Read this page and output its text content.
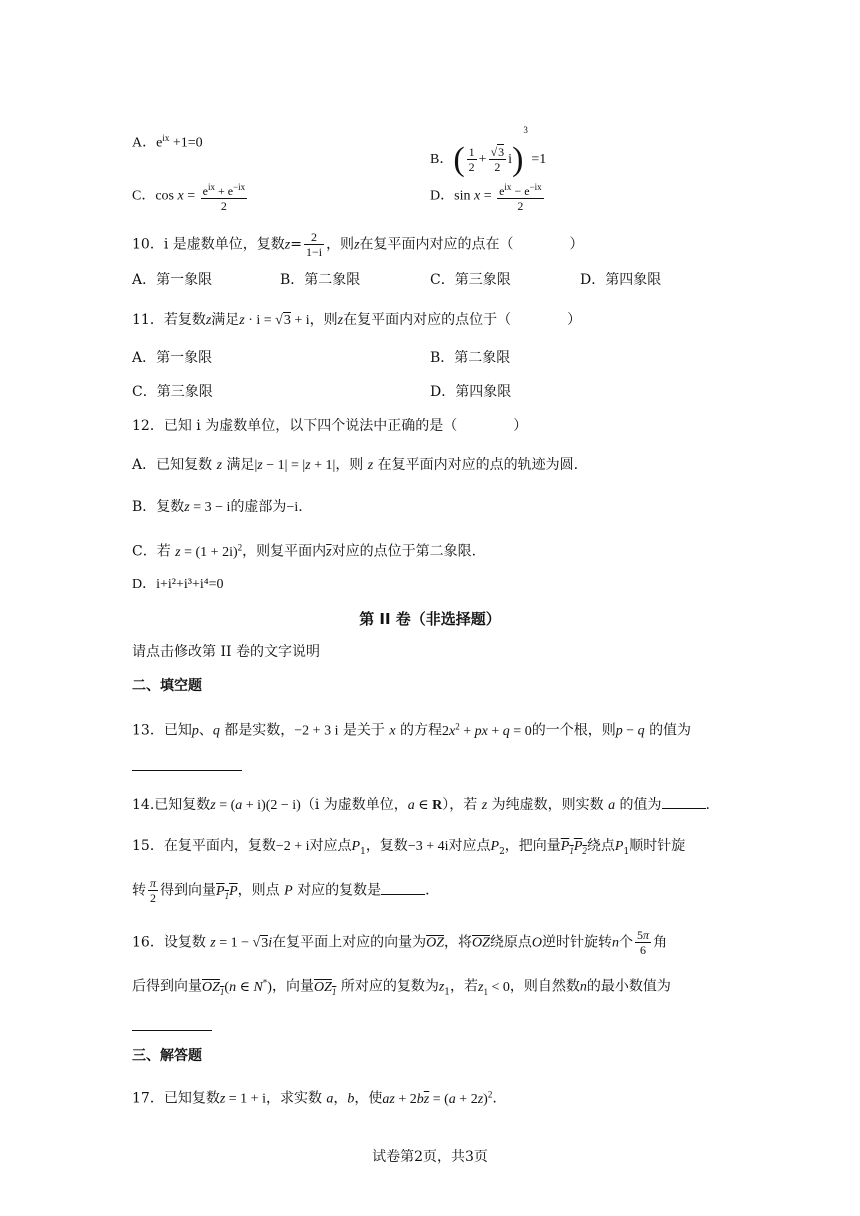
A．$e^{ix} +1=0$
B．( $\frac{1}{2} + \frac{√3}{2} i)^3 =1$
C．$\cos x = \frac{e^{ix} + e^{-ix}}{2}$	D．$\sin x = \frac{e^{ix} - e^{-ix}}{2}$
10．i 是虚数单位，复数$z= \frac{2}{1-i}$ ，则z在复平面内对应的点在（	）
A．第一象限	B．第二象限	C．第三象限	D．第四象限
11．若复数z满足z · i = √3 + i，则z在复平面内对应的点位于（	）
A．第一象限	B．第二象限
C．第三象限	D．第四象限
12．已知 i 为虚数单位，以下四个说法中正确的是（	）
A．已知复数 z 满足|z − 1| = |z + 1|，则 z 在复平面内对应的点的轨迹为圆.
B．复数z = 3 − i的虚部为−i.
C．若 $z = (1 + 2i)^2$，则复平面内$\overline{z}$对应的点位于第二象限.
D．i+i²+i³+i⁴=0
第 II 卷（非选择题）
请点击修改第 II 卷的文字说明
二、填空题
13．已知p、q 都是实数，−2 + 3 i 是关于 x 的方程$2x^2$ + px + q = 0的一个根，则p − q 的值为
14.已知复数z = (a + i)(2 − i)（i 为虚数单位，a ∈ R），若 z 为纯虚数，则实数 a 的值为	.
15．在复平面内，复数−2 + i对应点$P_1$，复数−3 + 4i对应点$P_2$，把向量$P_1P_2$绕点$P_1$顺时针旋
转 $\frac{\pi}{2}$ 得到向量$P_1P$，则点 P 对应的复数是	.
16．设复数 z = 1 − √3i在复平面上对应的向量为$\overline{OZ}$，将$\overline{OZ}$绕原点O逆时针旋转n个 $\frac{5\pi}{6}$ 角
后得到向量$OZ_1(n$ ∈ N*)，向量$OZ_1$ 所对应的复数为$z_1$，若$z_1 < 0$，则自然数n的最小数值为
三、解答题
17．已知复数z = 1 + i，求实数 a，b，使az + $2b\overline{z} = (a + 2z)^2$.
试卷第2页，共3页
